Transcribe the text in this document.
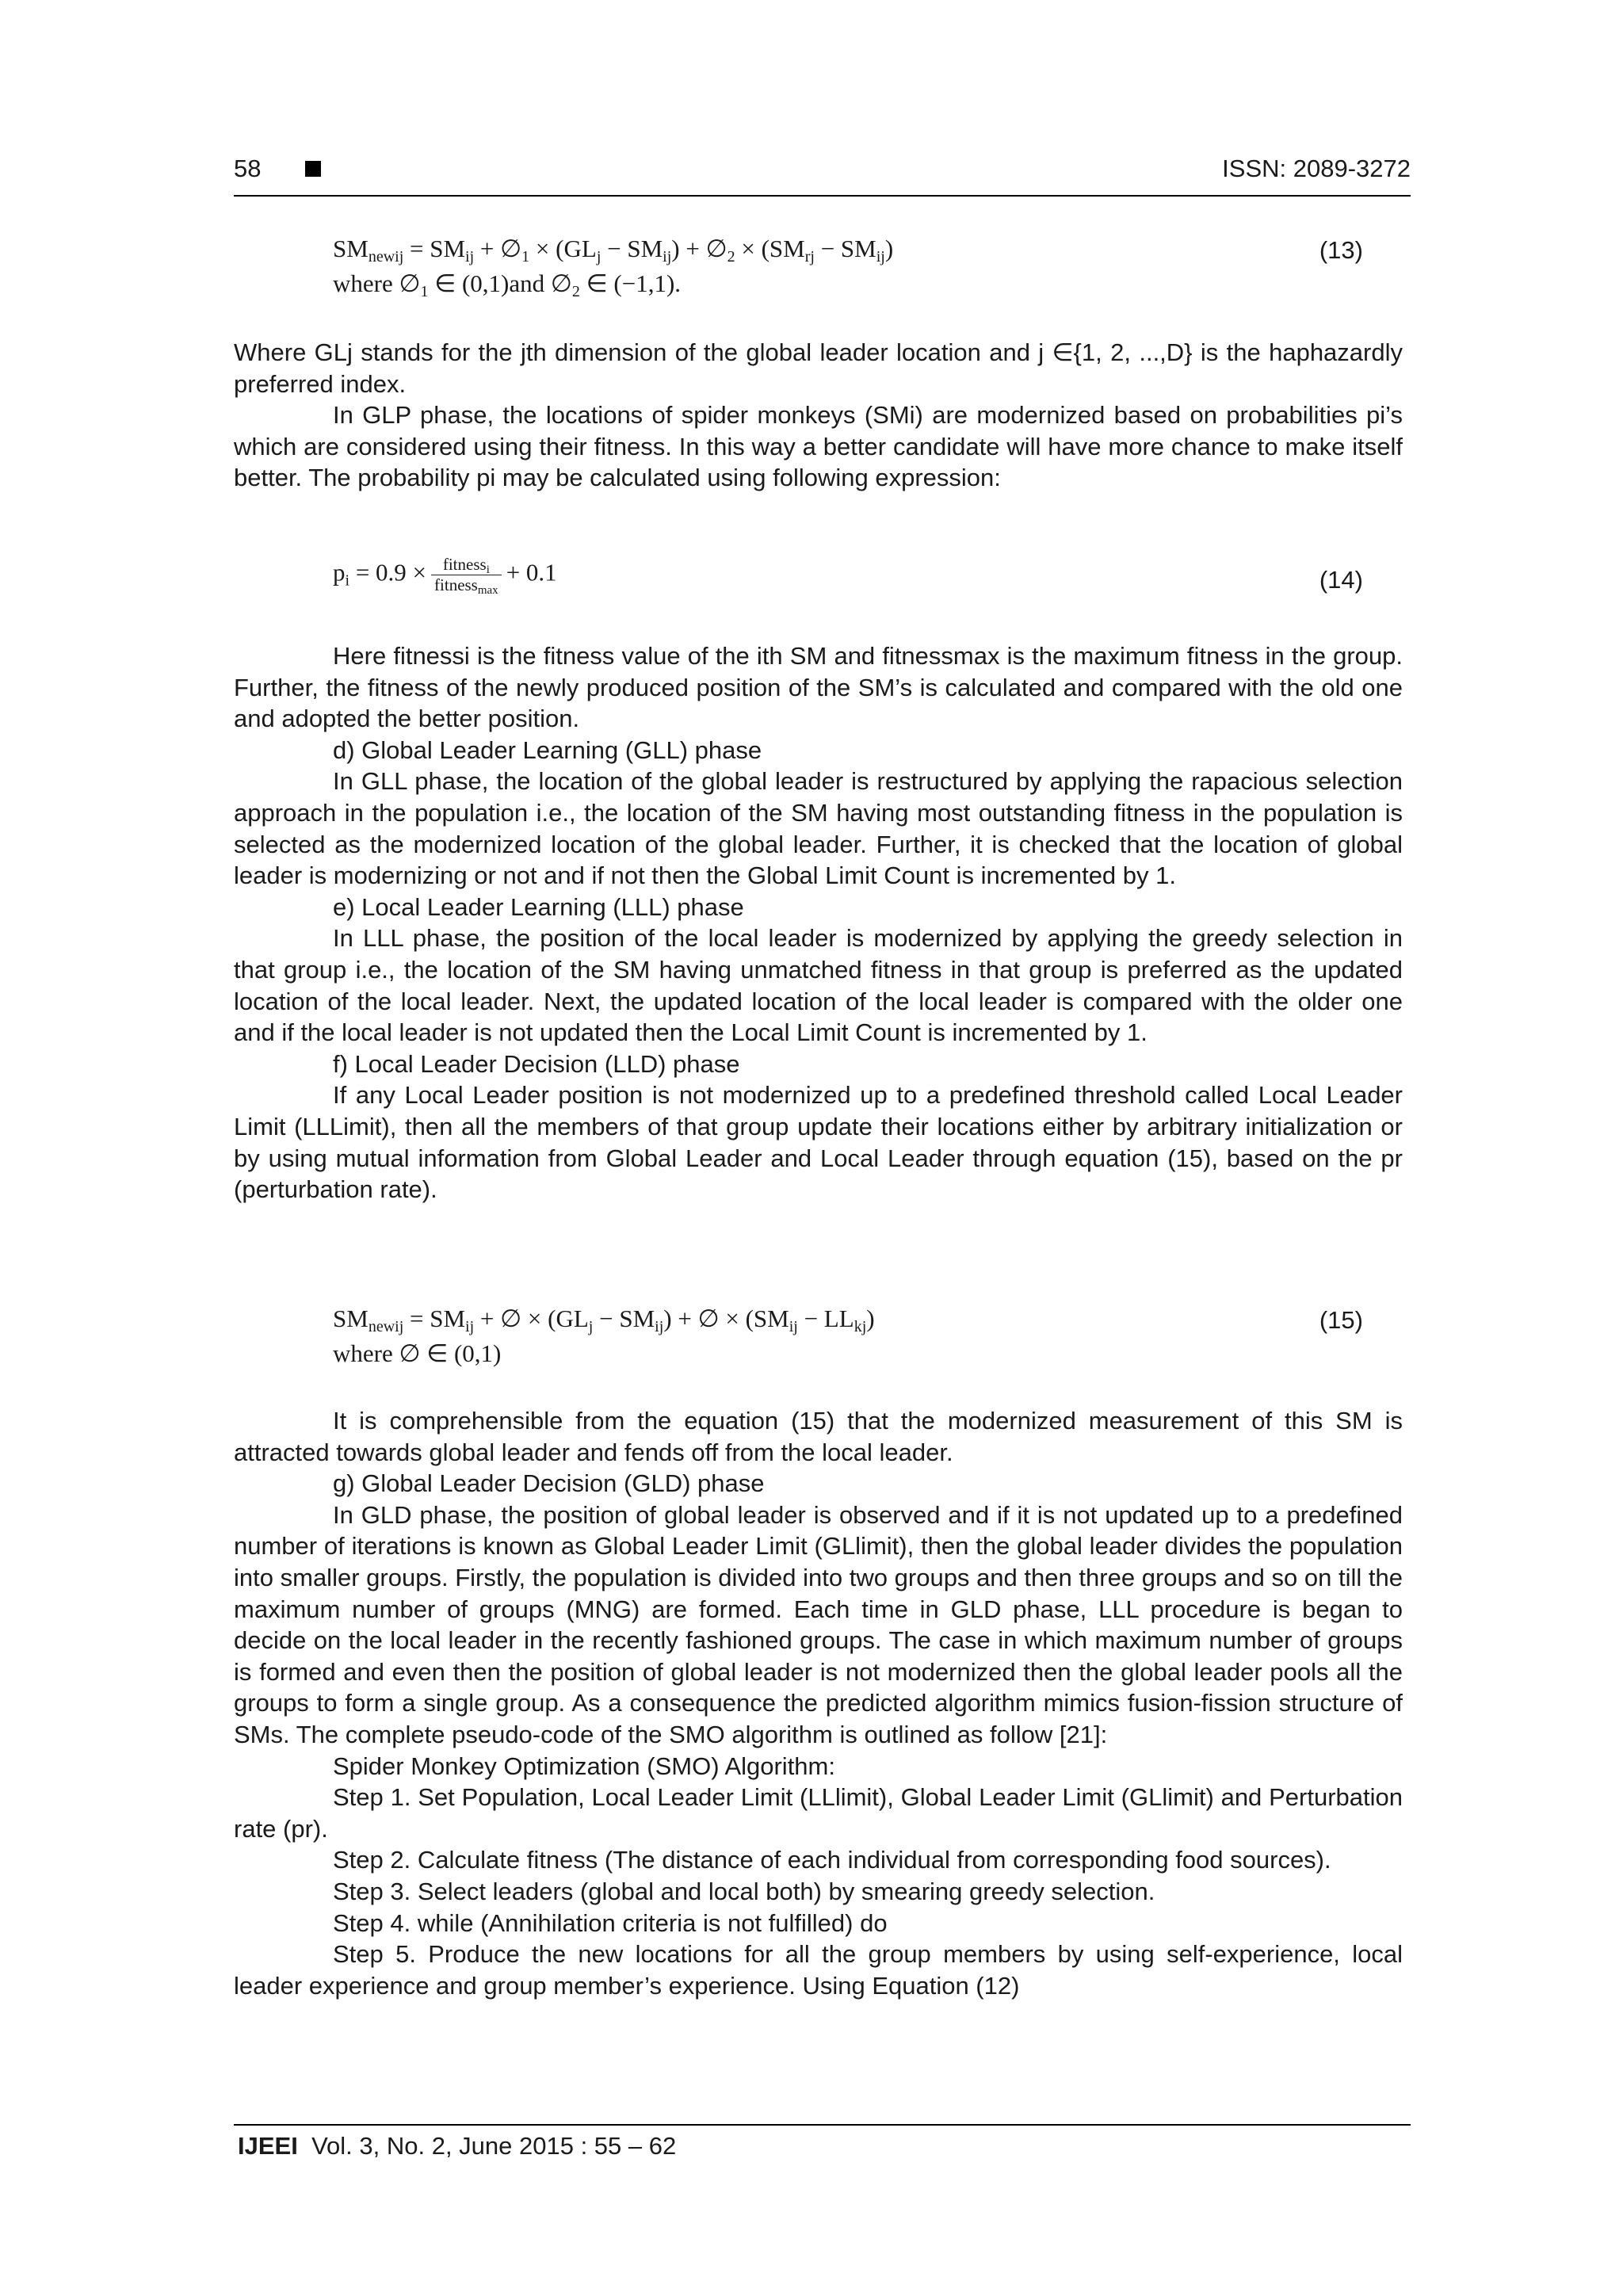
58	ISSN: 2089-3272
$SM_{newij} = SM_{ij}$ + $\emptyset_1 \times (GL_j - SM_{ij})$ + $\emptyset_2 \times (SM_{rj} - SM_{ij})$
where $\emptyset_1$ ∈ (0,1)and $\emptyset_2$ ∈ (−1,1).
(13)

Where GLj stands for the jth dimension of the global leader location and j ∈{1, 2, ...,D} is the haphazardly preferred index.

In GLP phase, the locations of spider monkeys (SMi) are modernized based on probabilities pi’s which are considered using their fitness. In this way a better candidate will have more chance to make itself better. The probability pi may be calculated using following expression:

$p_i = 0.9 \times \frac{fitness_i}{fitness_{max}} + 0.1$	(14)

Here fitnessi is the fitness value of the ith SM and fitnessmax is the maximum fitness in the group. Further, the fitness of the newly produced position of the SM’s is calculated and compared with the old one and adopted the better position.

d) Global Leader Learning (GLL) phase

In GLL phase, the location of the global leader is restructured by applying the rapacious selection approach in the population i.e., the location of the SM having most outstanding fitness in the population is selected as the modernized location of the global leader. Further, it is checked that the location of global leader is modernizing or not and if not then the Global Limit Count is incremented by 1.

e) Local Leader Learning (LLL) phase

In LLL phase, the position of the local leader is modernized by applying the greedy selection in that group i.e., the location of the SM having unmatched fitness in that group is preferred as the updated location of the local leader. Next, the updated location of the local leader is compared with the older one and if the local leader is not updated then the Local Limit Count is incremented by 1.

f) Local Leader Decision (LLD) phase

If any Local Leader position is not modernized up to a predefined threshold called Local Leader Limit (LLLimit), then all the members of that group update their locations either by arbitrary initialization or by using mutual information from Global Leader and Local Leader through equation (15), based on the pr (perturbation rate).

$SM_{newij} = SM_{ij}$ + ∅ × $(GL_j - SM_{ij})$ + ∅ × $(SM_{ij} - LL_{kj})$
where ∅ ∈ (0,1)
(15)

It is comprehensible from the equation (15) that the modernized measurement of this SM is attracted towards global leader and fends off from the local leader.

g) Global Leader Decision (GLD) phase

In GLD phase, the position of global leader is observed and if it is not updated up to a predefined number of iterations is known as Global Leader Limit (GLlimit), then the global leader divides the population into smaller groups. Firstly, the population is divided into two groups and then three groups and so on till the maximum number of groups (MNG) are formed. Each time in GLD phase, LLL procedure is began to decide on the local leader in the recently fashioned groups. The case in which maximum number of groups is formed and even then the position of global leader is not modernized then the global leader pools all the groups to form a single group. As a consequence the predicted algorithm mimics fusion-fission structure of SMs. The complete pseudo-code of the SMO algorithm is outlined as follow [21]:

Spider Monkey Optimization (SMO) Algorithm:

Step 1. Set Population, Local Leader Limit (LLlimit), Global Leader Limit (GLlimit) and Perturbation rate (pr).

Step 2. Calculate fitness (The distance of each individual from corresponding food sources).

Step 3. Select leaders (global and local both) by smearing greedy selection.

Step 4. while (Annihilation criteria is not fulfilled) do

Step 5. Produce the new locations for all the group members by using self-experience, local leader experience and group member’s experience. Using Equation (12)

IJEEI Vol. 3, No. 2, June 2015 : 55 – 62
